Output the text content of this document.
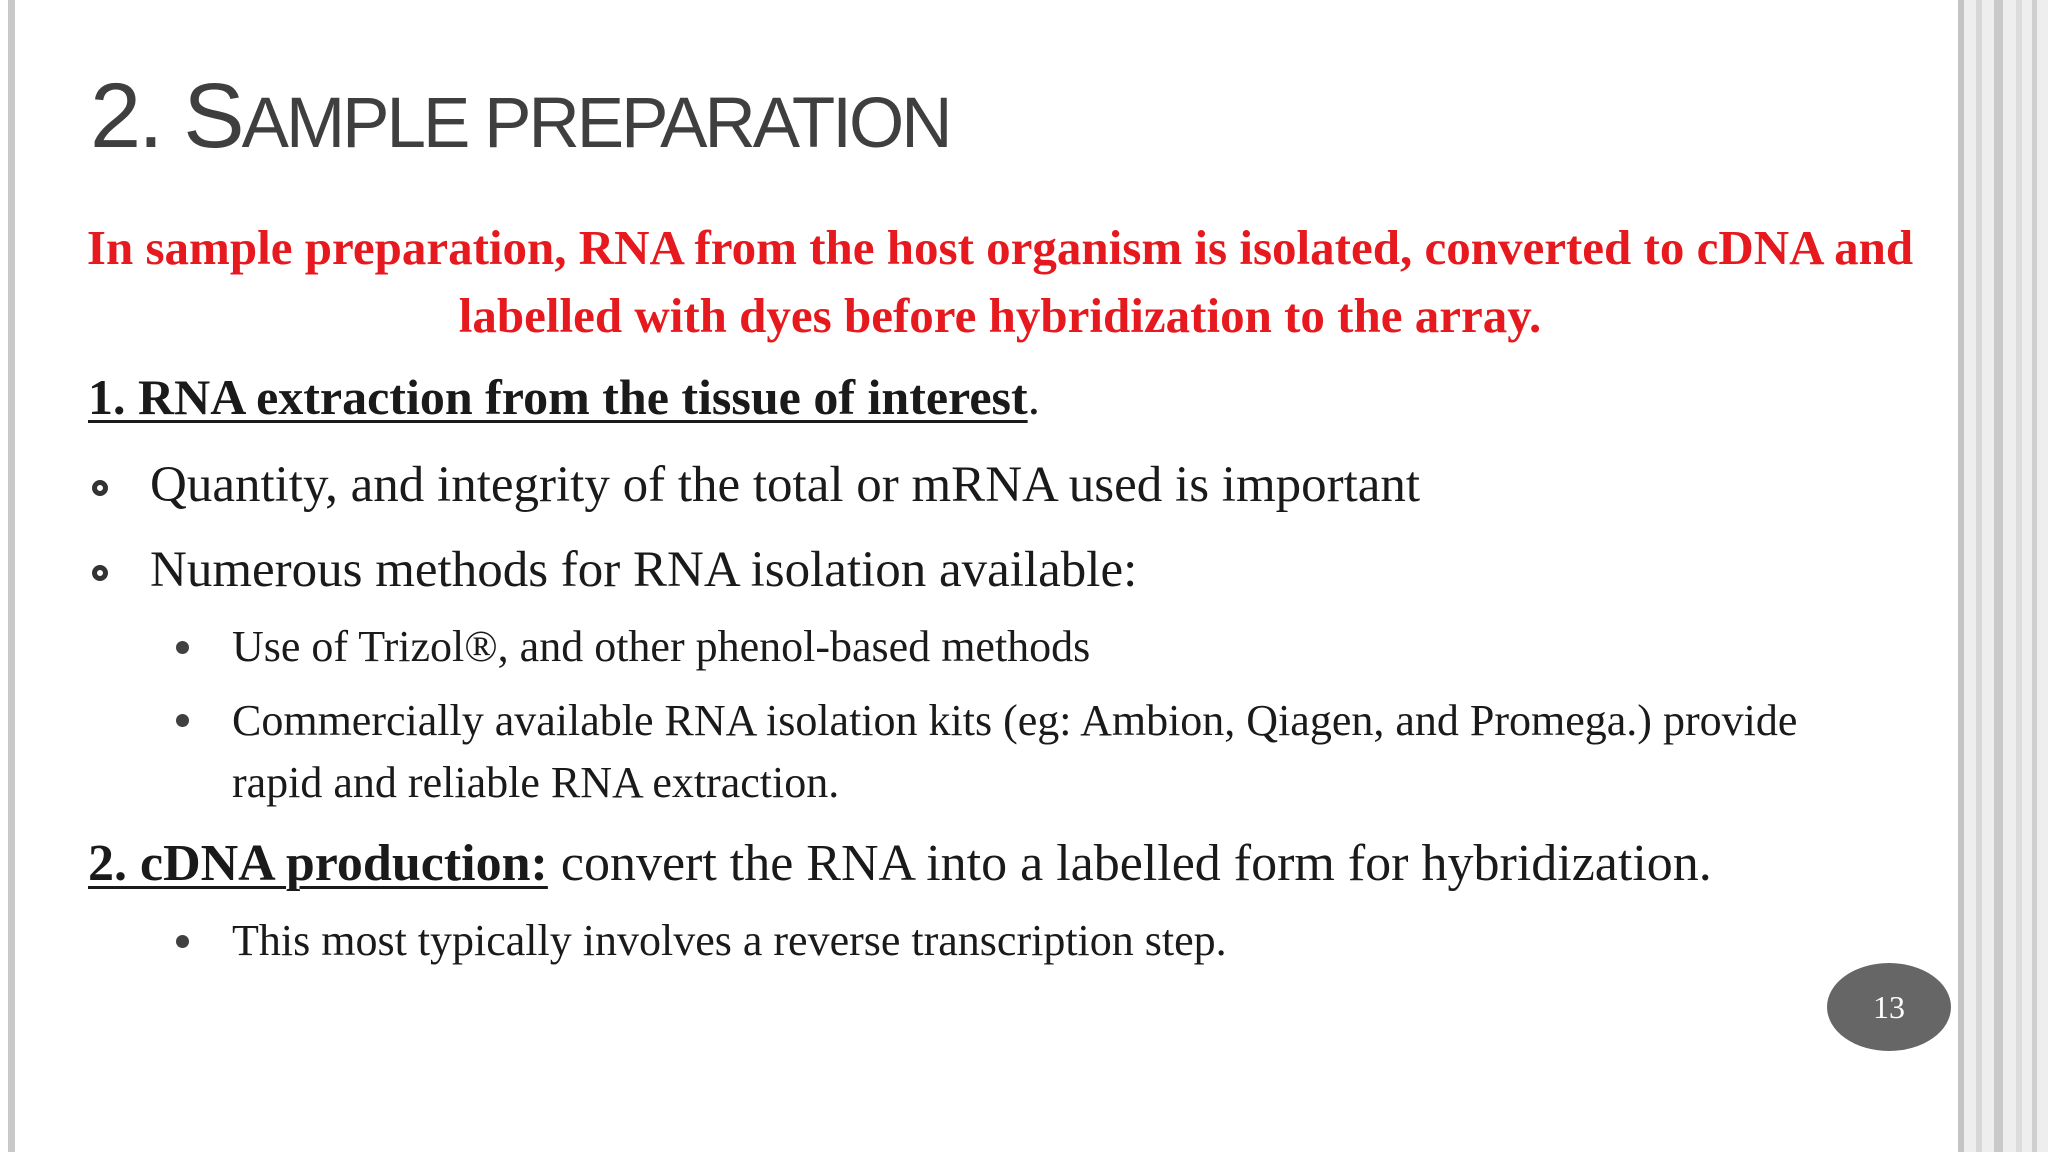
2. SAMPLE PREPARATION
In sample preparation, RNA from the host organism is isolated, converted to cDNA and labelled with dyes before hybridization to the array.
1. RNA extraction from the tissue of interest.
Quantity, and integrity of the total or mRNA used is important
Numerous methods for RNA isolation available:
Use of Trizol®, and other phenol-based methods
Commercially available RNA isolation kits (eg: Ambion, Qiagen, and Promega.) provide rapid and reliable RNA extraction.
2. cDNA production: convert the RNA into a labelled form for hybridization.
This most typically involves a reverse transcription step.
13
